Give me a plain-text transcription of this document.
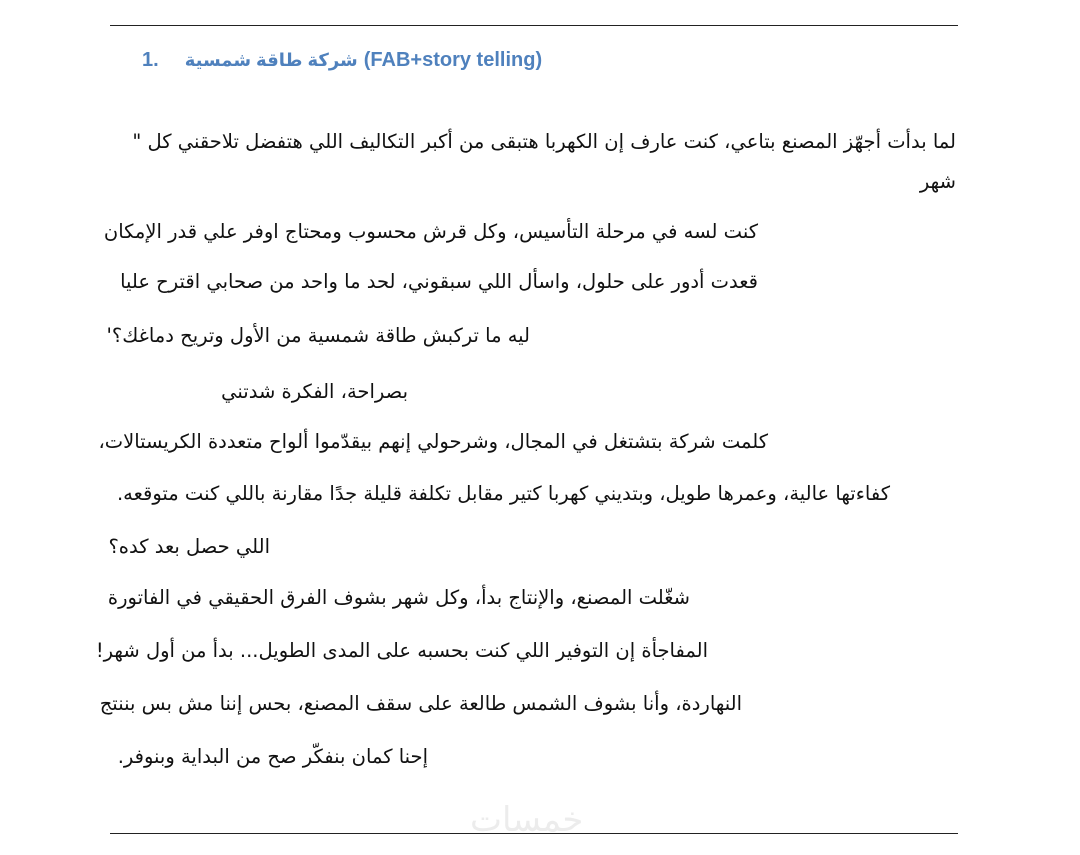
1. شركة طاقة شمسية (FAB+story telling)
لما بدأت أجهّز المصنع بتاعي، كنت عارف إن الكهربا هتبقى من أكبر التكاليف اللي هتفضل تلاحقني كل "
شهر
كنت لسه في مرحلة التأسيس، وكل قرش محسوب ومحتاج اوفر علي قدر الإمكان
قعدت أدور على حلول، واسأل اللي سبقوني، لحد ما واحد من صحابي اقترح عليا
ليه ما تركبش طاقة شمسية من الأول وتريح دماغك؟'
بصراحة، الفكرة شدتني
كلمت شركة بتشتغل في المجال، وشرحولي إنهم بيقدّموا ألواح متعددة الكريستالات،
كفاءتها عالية، وعمرها طويل، وبتديني كهربا كتير مقابل تكلفة قليلة جدًا مقارنة باللي كنت متوقعه.
اللي حصل بعد كده؟
شغّلت المصنع، والإنتاج بدأ، وكل شهر بشوف الفرق الحقيقي في الفاتورة
المفاجأة إن التوفير اللي كنت بحسبه على المدى الطويل... بدأ من أول شهر!
النهاردة، وأنا بشوف الشمس طالعة على سقف المصنع، بحس إننا مش بس بننتج
إحنا كمان بنفكّر صح من البداية وبنوفر.
خمسات
